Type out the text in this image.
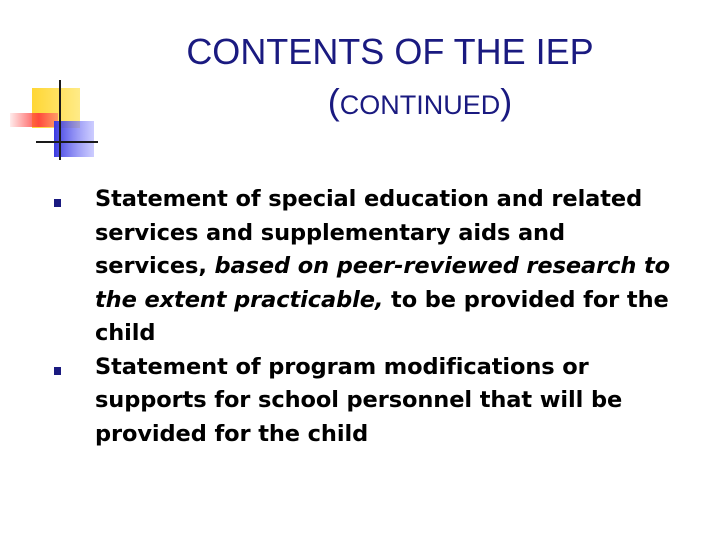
CONTENTS OF THE IEP
(CONTINUED)
Statement of special education and related services and supplementary aids and services, based on peer-reviewed research to the extent practicable, to be provided for the child
Statement of program modifications or supports for school personnel that will be provided for the child
